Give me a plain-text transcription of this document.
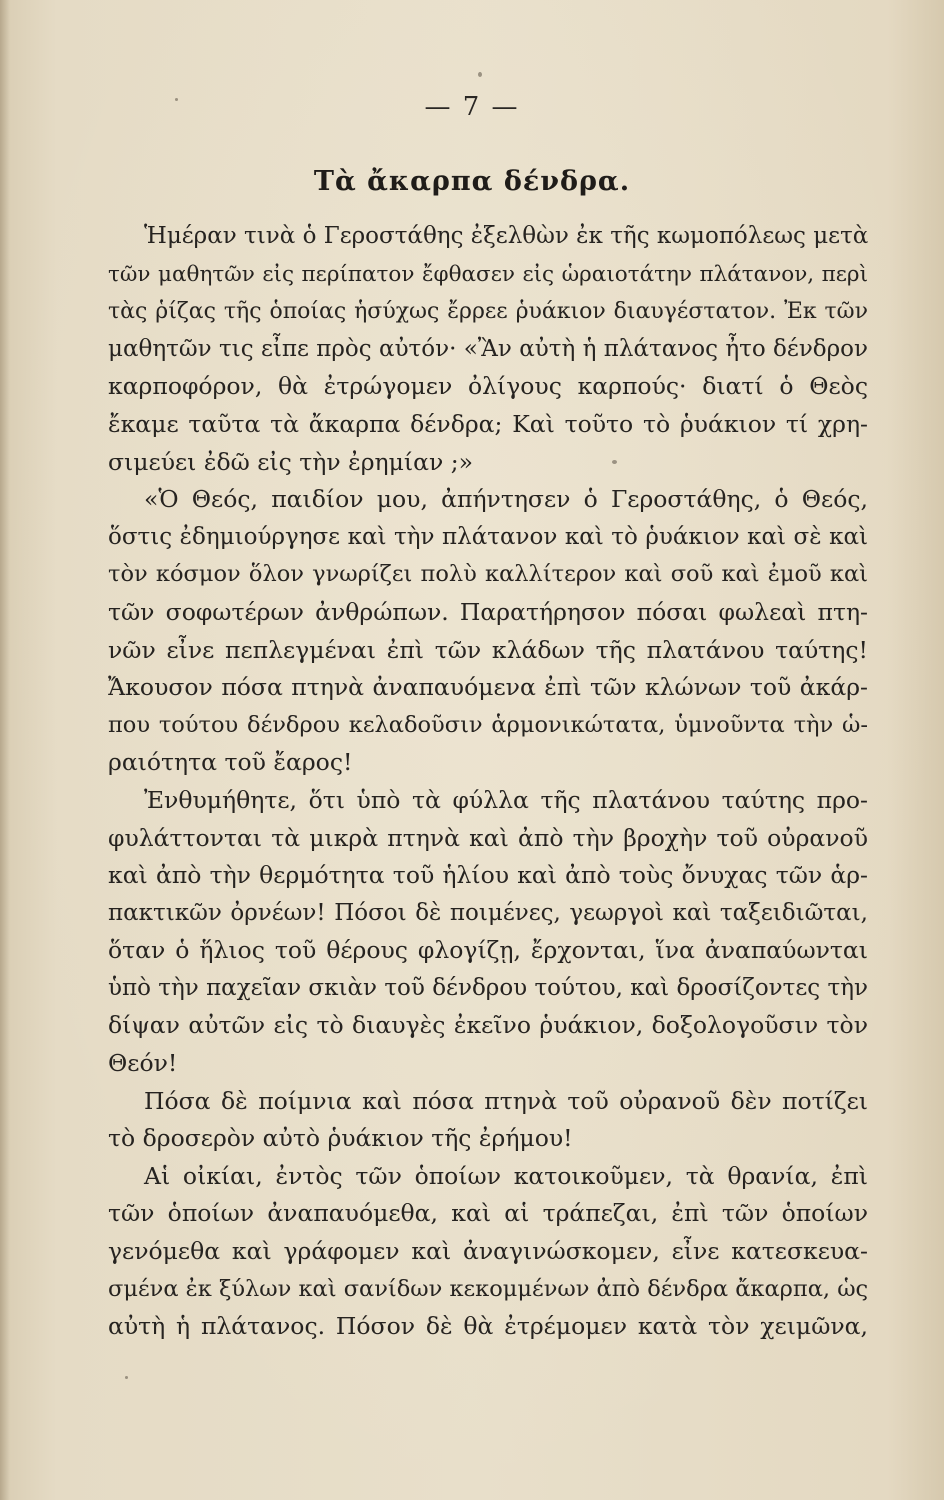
— 7 —
Τὰ ἄκαρπα δένδρα.
Ἡμέραν τινὰ ὁ Γεροστάθης ἐξελθὼν ἐκ τῆς κωμοπόλεως μετὰ
τῶν μαθητῶν εἰς περίπατον ἔφθασεν εἰς ὡραιοτάτην πλάτανον, περὶ
τὰς ῥίζας τῆς ὁποίας ἡσύχως ἔρρεε ῥυάκιον διαυγέστατον. Ἐκ τῶν
μαθητῶν τις εἶπε πρὸς αὐτόν· «Ἂν αὐτὴ ἡ πλάτανος ἦτο δένδρον
καρποφόρον, θὰ ἐτρώγομεν ὀλίγους καρπούς· διατί ὁ Θεὸς
ἔκαμε ταῦτα τὰ ἄκαρπα δένδρα; Καὶ τοῦτο τὸ ῥυάκιον τί χρη-
σιμεύει ἐδῶ εἰς τὴν ἐρημίαν ;»
«Ὁ Θεός, παιδίον μου, ἀπήντησεν ὁ Γεροστάθης, ὁ Θεός,
ὅστις ἐδημιούργησε καὶ τὴν πλάτανον καὶ τὸ ῥυάκιον καὶ σὲ καὶ
τὸν κόσμον ὅλον γνωρίζει πολὺ καλλίτερον καὶ σοῦ καὶ ἐμοῦ καὶ
τῶν σοφωτέρων ἀνθρώπων. Παρατήρησον πόσαι φωλεαὶ πτη-
νῶν εἶνε πεπλεγμέναι ἐπὶ τῶν κλάδων τῆς πλατάνου ταύτης!
Ἄκουσον πόσα πτηνὰ ἀναπαυόμενα ἐπὶ τῶν κλώνων τοῦ ἀκάρ-
που τούτου δένδρου κελαδοῦσιν ἁρμονικώτατα, ὑμνοῦντα τὴν ὡ-
ραιότητα τοῦ ἔαρος!
Ἐνθυμήθητε, ὅτι ὑπὸ τὰ φύλλα τῆς πλατάνου ταύτης προ-
φυλάττονται τὰ μικρὰ πτηνὰ καὶ ἀπὸ τὴν βροχὴν τοῦ οὐρανοῦ
καὶ ἀπὸ τὴν θερμότητα τοῦ ἡλίου καὶ ἀπὸ τοὺς ὄνυχας τῶν ἁρ-
πακτικῶν ὀρνέων! Πόσοι δὲ ποιμένες, γεωργοὶ καὶ ταξειδιῶται,
ὅταν ὁ ἥλιος τοῦ θέρους φλογίζῃ, ἔρχονται, ἵνα ἀναπαύωνται
ὑπὸ τὴν παχεῖαν σκιὰν τοῦ δένδρου τούτου, καὶ δροσίζοντες τὴν
δίψαν αὐτῶν εἰς τὸ διαυγὲς ἐκεῖνο ῥυάκιον, δοξολογοῦσιν τὸν
Θεόν!
Πόσα δὲ ποίμνια καὶ πόσα πτηνὰ τοῦ οὐρανοῦ δὲν ποτίζει
τὸ δροσερὸν αὐτὸ ῥυάκιον τῆς ἐρήμου!
Αἱ οἰκίαι, ἐντὸς τῶν ὁποίων κατοικοῦμεν, τὰ θρανία, ἐπὶ
τῶν ὁποίων ἀναπαυόμεθα, καὶ αἱ τράπεζαι, ἐπὶ τῶν ὁποίων
γενόμεθα καὶ γράφομεν καὶ ἀναγινώσκομεν, εἶνε κατεσκευα-
σμένα ἐκ ξύλων καὶ σανίδων κεκομμένων ἀπὸ δένδρα ἄκαρπα, ὡς
αὐτὴ ἡ πλάτανος. Πόσον δὲ θὰ ἐτρέμομεν κατὰ τὸν χειμῶνα,
